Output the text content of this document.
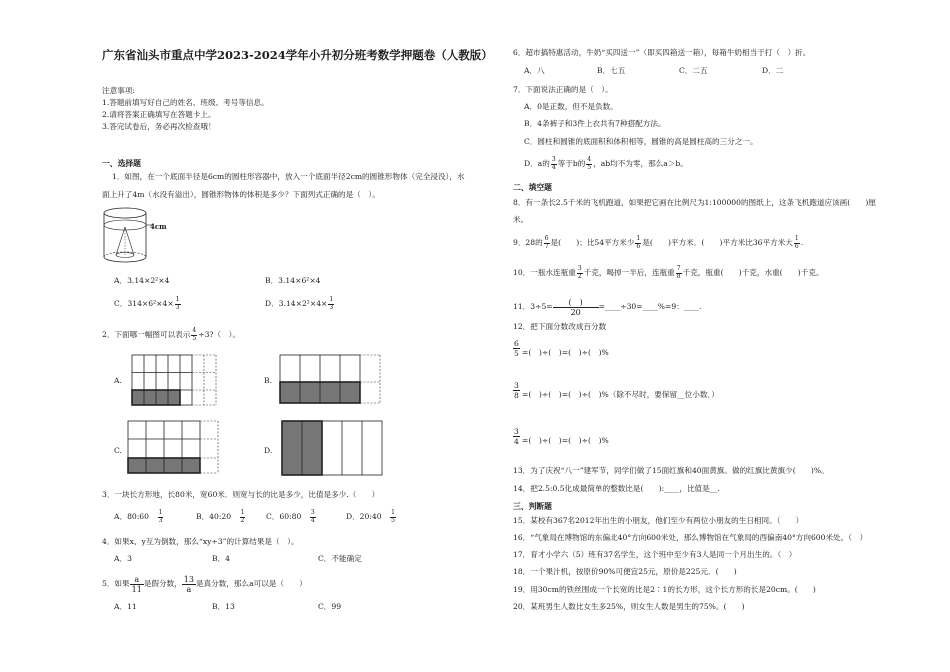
广东省汕头市重点中学2023-2024学年小升初分班考数学押题卷（人教版）
注意事项:
1.答题前填写好自己的姓名、班级、考号等信息。
2.请将答案正确填写在答题卡上。
3.答完试卷后，务必再次检查哦！
一、选择题
1．如图，在一个底面半径是6cm的圆柱形容器中，放入一个底面半径2cm的圆锥形物体（完全浸没），水
面上升了4m（水没有溢出），圆锥形物体的体积是多少？下面列式正确的是（　）。
4cm
A．3.14×2²×4	B．3.14×6²×4
C．$314\times 6^2\times 4\times \frac{1}{3}$	D．$3.14\times 2^2\times 4\times \frac{1}{3}$
2．下面哪一幅图可以表示 $\frac{4}{5}$ ÷3?（　）。
A.	B.
C.	D.
3．一块长方形地，长80米，宽60米．则宽与长的比是多少，比值是多少.（　　）
A．80:60　 $\frac{1}{3}$	B．40:20　 $\frac{1}{2}$	C．60:80　 $\frac{3}{4}$	D．20:40　 $\frac{1}{5}$
4．如果x、y互为倒数，那么“xy÷3”的计算结果是（　）。
A．3	B．4	C．不能确定
5．如果 $\frac{a}{11}$ 是假分数， $\frac{13}{a}$ 是真分数，那么a可以是（　　）
A．11	B．13	C．99
6．超市搞特惠活动，牛奶“买四送一”（即买四箱送一箱），每箱牛奶相当于打（　）折。
A．八	B．七五	C．二五	D．二
7．下面说法正确的是（　）。
A．0是正数，但不是负数。
B．4条裤子和3件上衣共有7种搭配方法。
C．圆柱和圆锥的底面积和体积相等，圆锥的高是圆柱高的三分之一。
D．a的 $\frac{3}{4}$ 等于b的 $\frac{4}{5}$ ，ab均不为零，那么a＞b。
二、填空题
8．有一条长2.5千米的飞机跑道，如果把它画在比例尺为1:100000的图纸上，这条飞机跑道应该画(　　)厘
米。
9．28的 $\frac{6}{7}$ 是(　　)；比54平方米少 $\frac{1}{6}$ 是(　　)平方米．(　　)平方米比36平方米大 $\frac{1}{6}$ .
10．一瓶水连瓶重 $\frac{3}{2}$ 千克，喝掉一半后，连瓶重 $\frac{7}{8}$ 千克，瓶重(　　)千克，水重(　　)千克。
11．3÷5=	(　)
20
=____÷30=____%=9：____.
12．把下面分数改成百分数
6
5 =(　)÷(　)=(　)÷(　)%
3
8 =(　)÷(　)=(　)÷(　)%（除不尽时，要保留__位小数．）
3
4 =(　)÷(　)=(　)÷(　)%
13．为了庆祝“八一”建军节，同学们做了15面红旗和40面黄旗。做的红旗比黄旗少(　　)%。
14．把2.5:0.5化成最简单的整数比是(　　):____，比值是__.
三、判断题
15．某校有367名2012年出生的小朋友，他们至少有两位小朋友的生日相同。（　　）
16．“气象局在博物馆的东偏北40°方向600米处，那么博物馆在气象局的西偏南40°方向600米处。（　）
17．育才小学六（5）班有37名学生，这个班中至少有3人是同一个月出生的。（　）
18．一个果汁机，按原价90%可便宜25元，原价是225元．(　　)
19．用30cm的铁丝围成一个长宽的比是2∶1的长方形，这个长方形的长是20cm。(　　)
20．某班男生人数比女生多25%，则女生人数是男生的75%。(　　)
